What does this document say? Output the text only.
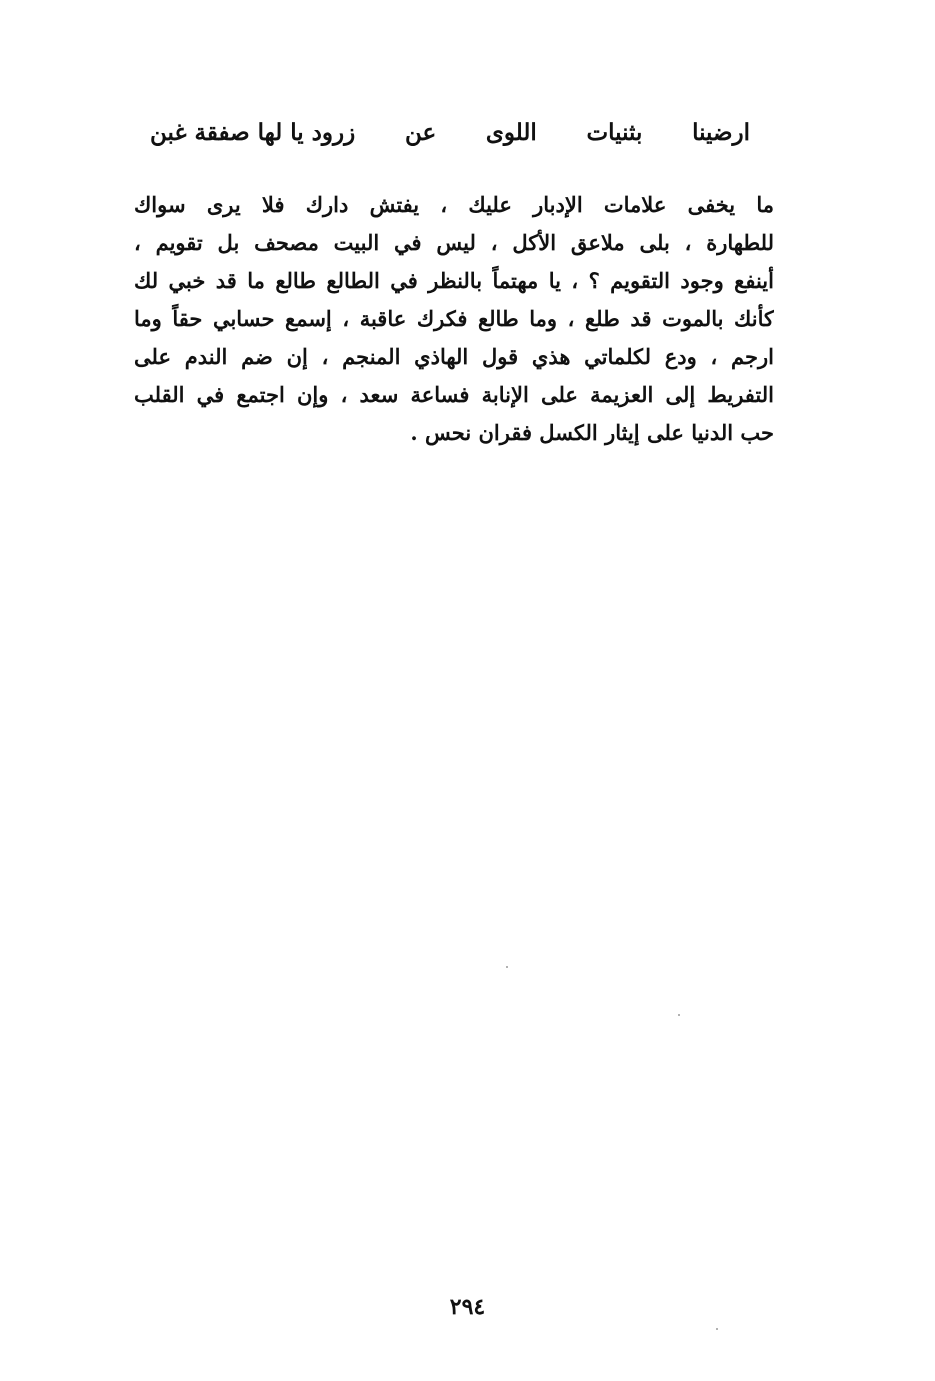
ارضينا
بثنيات
اللوى
عن
زرود يا لها صفقة غبن
ما يخفى علامات الإدبار عليك ، يفتش دارك فلا يرى سواك
للطهارة ، بلى ملاعق الأكل ، ليس في البيت مصحف بل تقويم ،
أينفع وجود التقويم ؟ ، يا مهتماً بالنظر في الطالع طالع ما قد خبي لك
كأنك بالموت قد طلع ، وما طالع فكرك عاقبة ، إسمع حسابي حقاً وما
ارجم ، ودع لكلماتي هذي قول الهاذي المنجم ، إن ضم الندم على
التفريط إلى العزيمة على الإنابة فساعة سعد ، وإن اجتمع في القلب
حب الدنيا على إيثار الكسل فقران نحس .
٢٩٤
